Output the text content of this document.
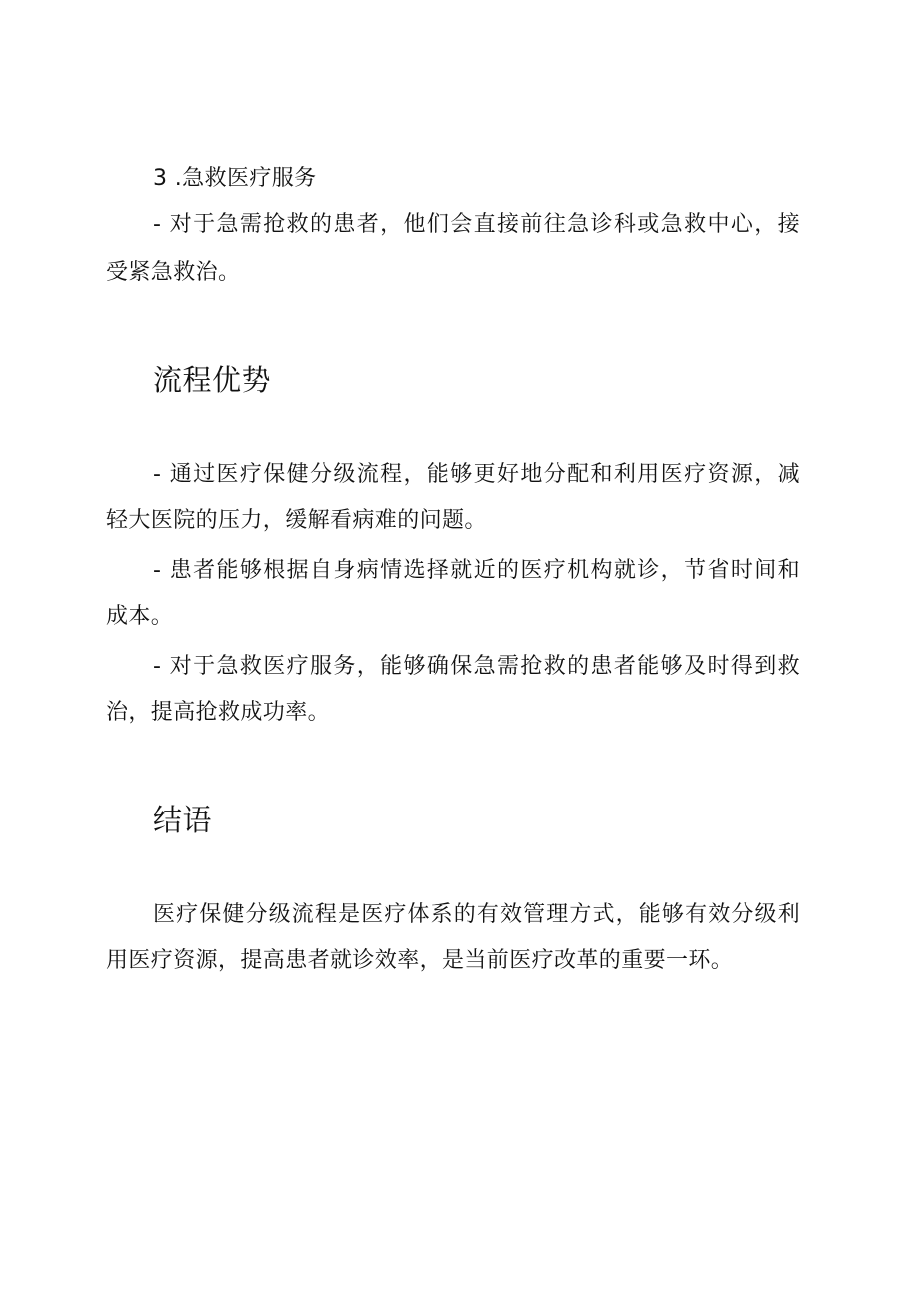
3 .急救医疗服务
- 对于急需抢救的患者，他们会直接前往急诊科或急救中心，接
受紧急救治。
流程优势
- 通过医疗保健分级流程，能够更好地分配和利用医疗资源，减
轻大医院的压力，缓解看病难的问题。
- 患者能够根据自身病情选择就近的医疗机构就诊，节省时间和
成本。
- 对于急救医疗服务，能够确保急需抢救的患者能够及时得到救
治，提高抢救成功率。
结语
医疗保健分级流程是医疗体系的有效管理方式，能够有效分级利
用医疗资源，提高患者就诊效率，是当前医疗改革的重要一环。
